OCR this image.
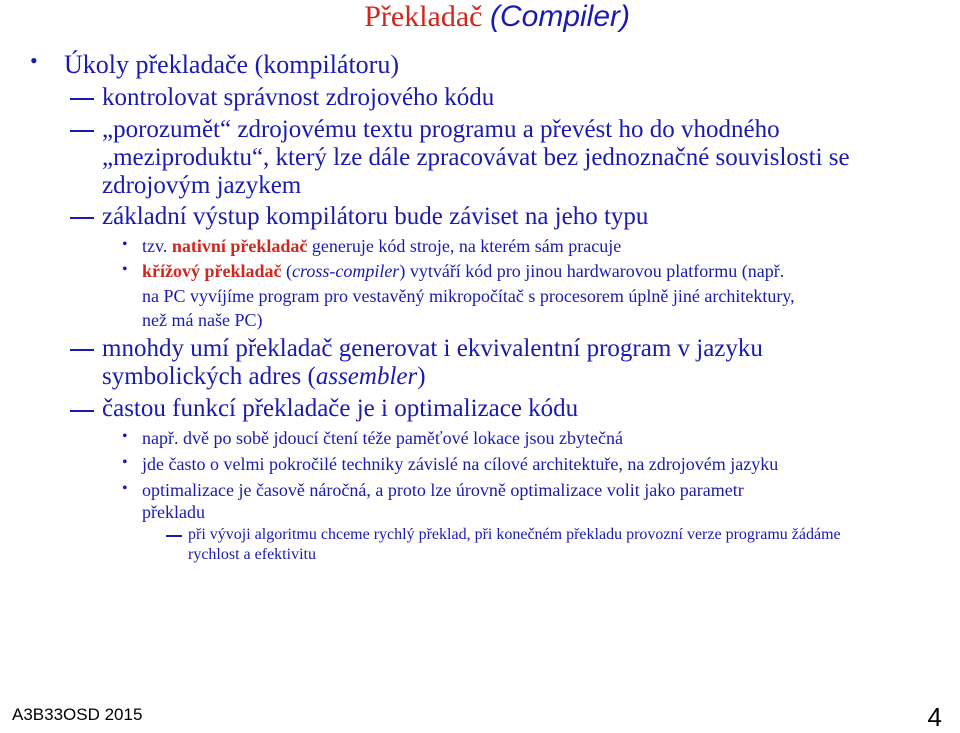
Překladač (Compiler)
• Úkoly překladače (kompilátoru)
kontrolovat správnost zdrojového kódu
„porozumět“ zdrojovému textu programu a převést ho do vhodného
„meziproduktu“, který lze dále zpracovávat bez jednoznačné souvislosti se
zdrojovým jazykem
základní výstup kompilátoru bude záviset na jeho typu
• tzv. nativní překladač generuje kód stroje, na kterém sám pracuje
• křížový překladač (cross-compiler) vytváří kód pro jinou hardwarovou platformu (např.
na PC vyvíjíme program pro vestavěný mikropočítač s procesorem úplně jiné architektury,
než má naše PC)
mnohdy umí překladač generovat i ekvivalentní program v jazyku
symbolických adres (assembler)
častou funkcí překladače je i optimalizace kódu
• např. dvě po sobě jdoucí čtení téže paměťové lokace jsou zbytečná
• jde často o velmi pokročilé techniky závislé na cílové architektuře, na zdrojovém jazyku
• optimalizace je časově náročná, a proto lze úrovně optimalizace volit jako parametr
překladu
při vývoji algoritmu chceme rychlý překlad, při konečném překladu provozní verze programu žádáme
rychlost a efektivitu
A3B33OSD 2015	4
